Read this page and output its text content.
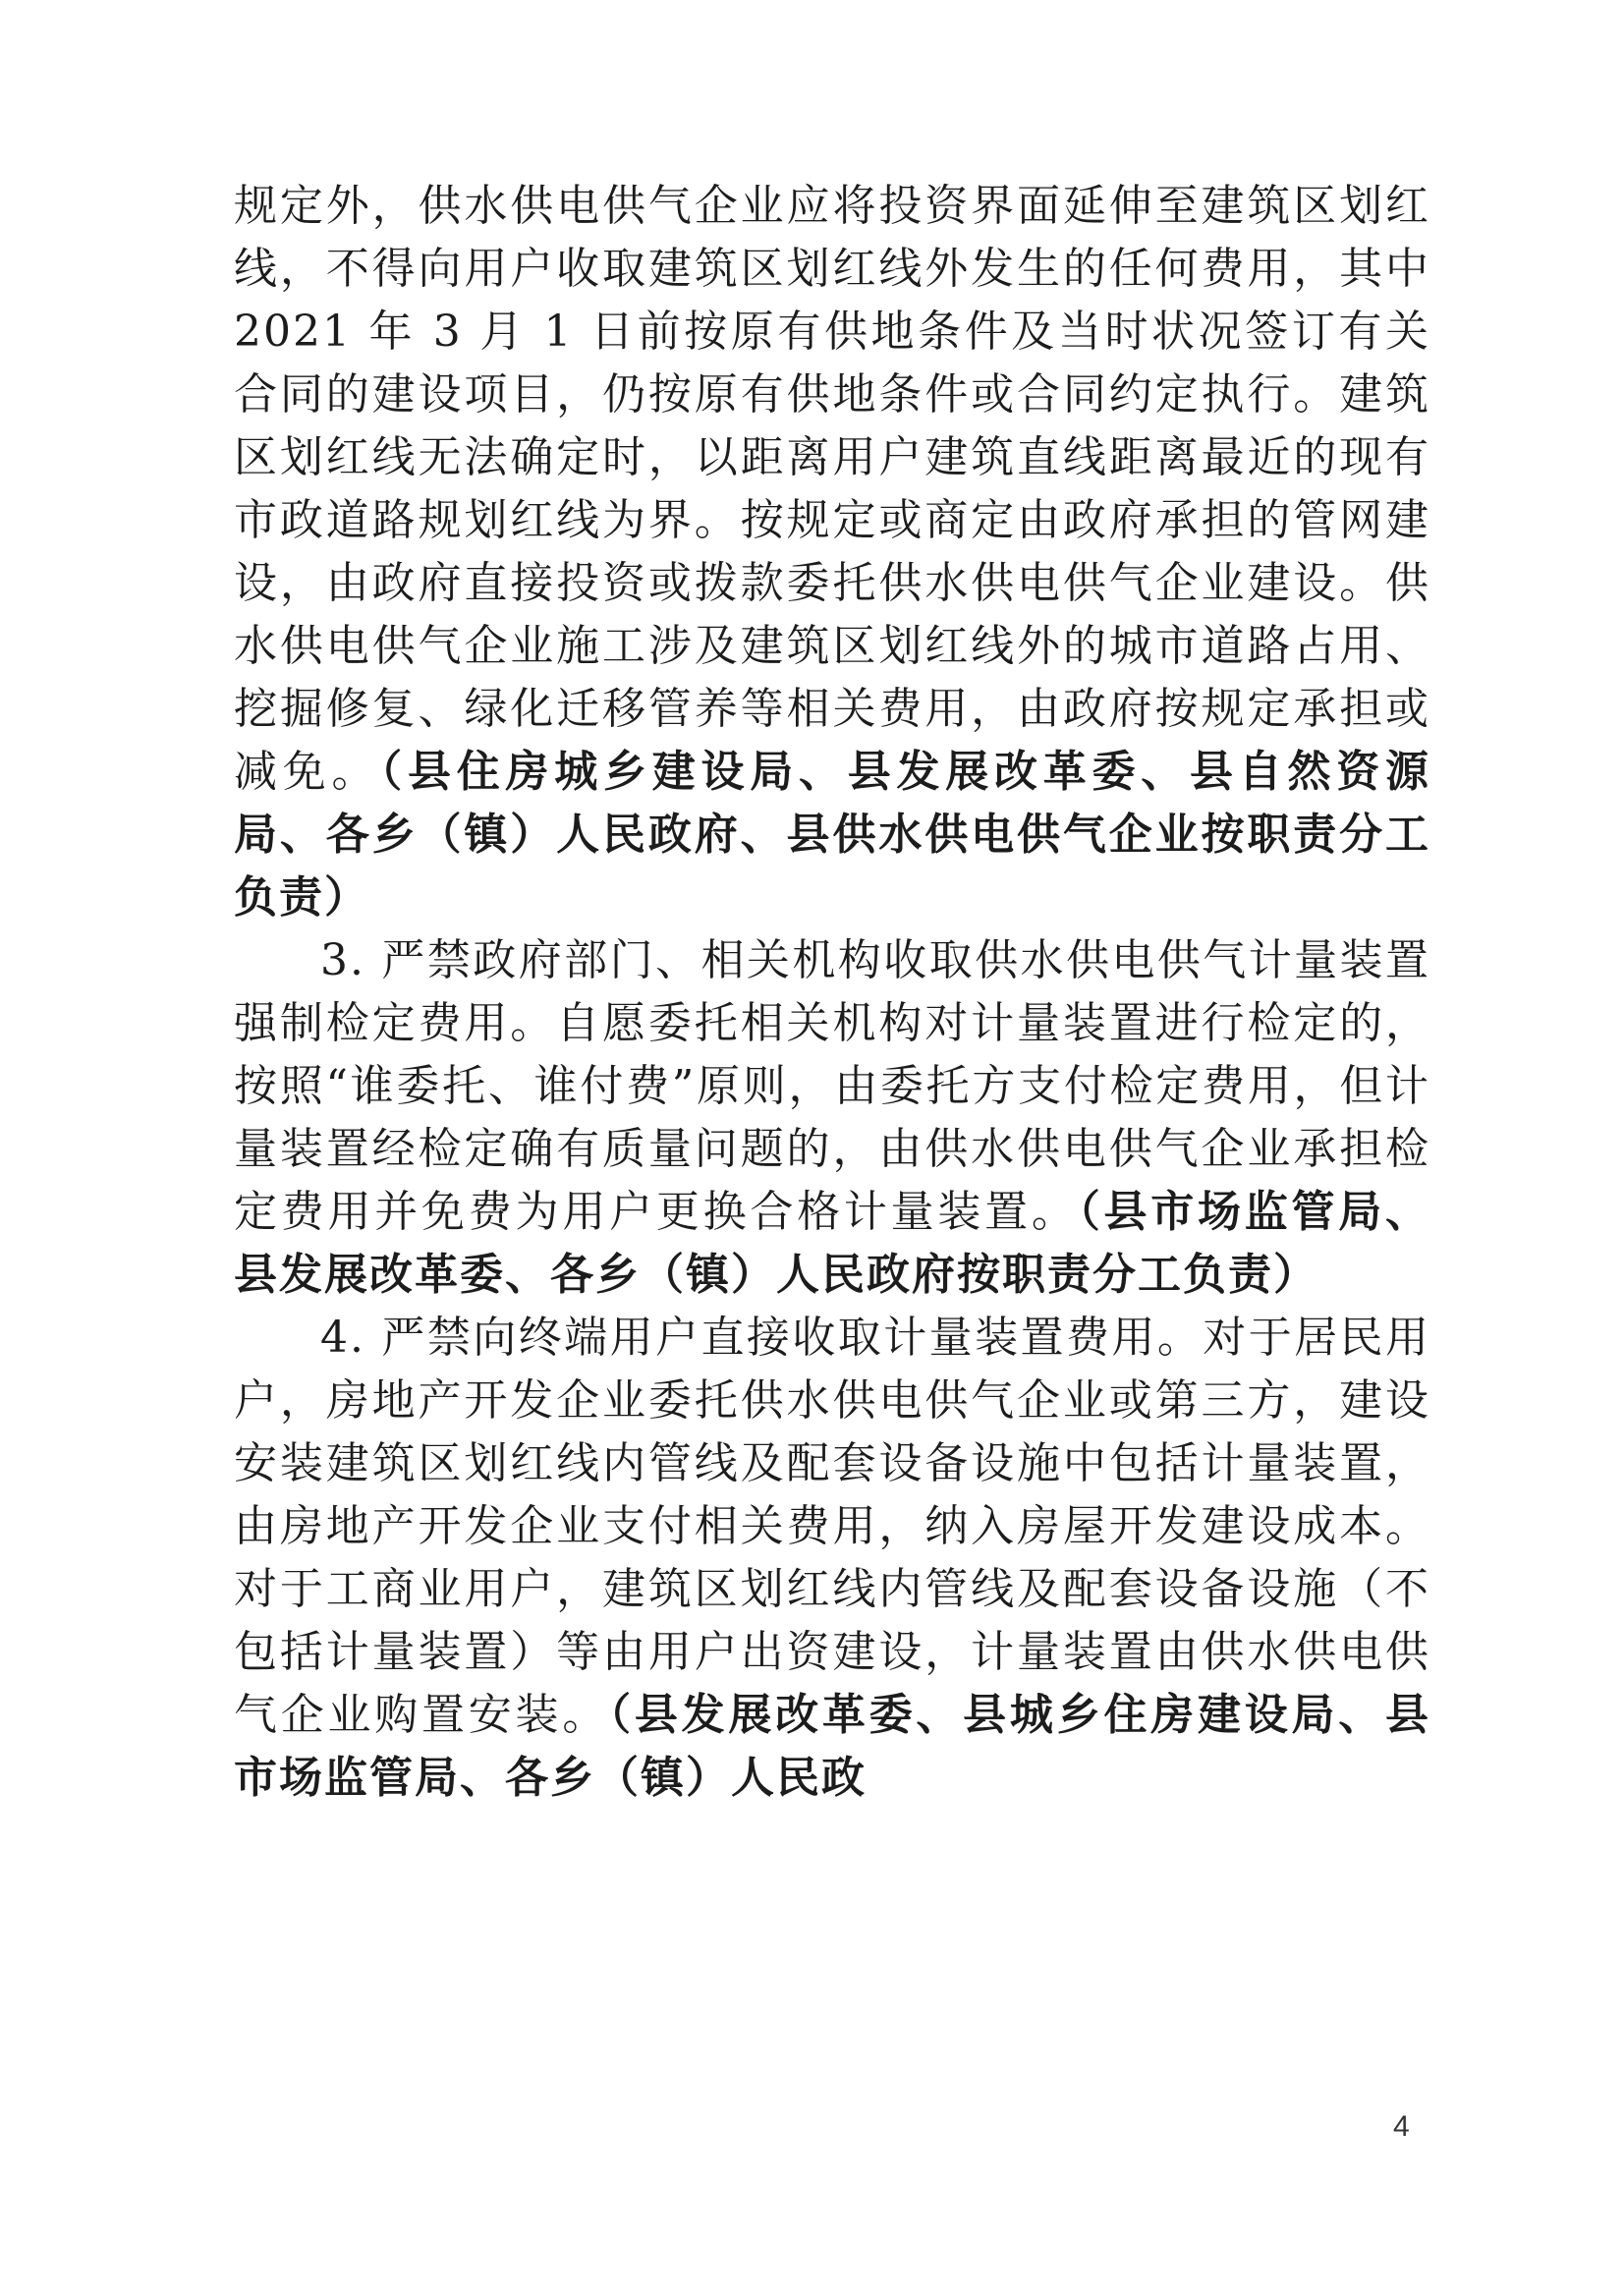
规定外，供水供电供气企业应将投资界面延伸至建筑区划红线，不得向用户收取建筑区划红线外发生的任何费用，其中 2021 年 3 月 1 日前按原有供地条件及当时状况签订有关合同的建设项目，仍按原有供地条件或合同约定执行。建筑区划红线无法确定时，以距离用户建筑直线距离最近的现有市政道路规划红线为界。按规定或商定由政府承担的管网建设，由政府直接投资或拨款委托供水供电供气企业建设。供水供电供气企业施工涉及建筑区划红线外的城市道路占用、挖掘修复、绿化迁移管养等相关费用，由政府按规定承担或减免。（县住房城乡建设局、县发展改革委、县自然资源局、各乡（镇）人民政府、县供水供电供气企业按职责分工负责）

3. 严禁政府部门、相关机构收取供水供电供气计量装置强制检定费用。自愿委托相关机构对计量装置进行检定的，按照“谁委托、谁付费”原则，由委托方支付检定费用，但计量装置经检定确有质量问题的，由供水供电供气企业承担检定费用并免费为用户更换合格计量装置。（县市场监管局、县发展改革委、各乡（镇）人民政府按职责分工负责）

4. 严禁向终端用户直接收取计量装置费用。对于居民用户，房地产开发企业委托供水供电供气企业或第三方，建设安装建筑区划红线内管线及配套设备设施中包括计量装置，由房地产开发企业支付相关费用，纳入房屋开发建设成本。对于工商业用户，建筑区划红线内管线及配套设备设施（不包括计量装置）等由用户出资建设，计量装置由供水供电供气企业购置安装。（县发展改革委、县城乡住房建设局、县市场监管局、各乡（镇）人民政

4
